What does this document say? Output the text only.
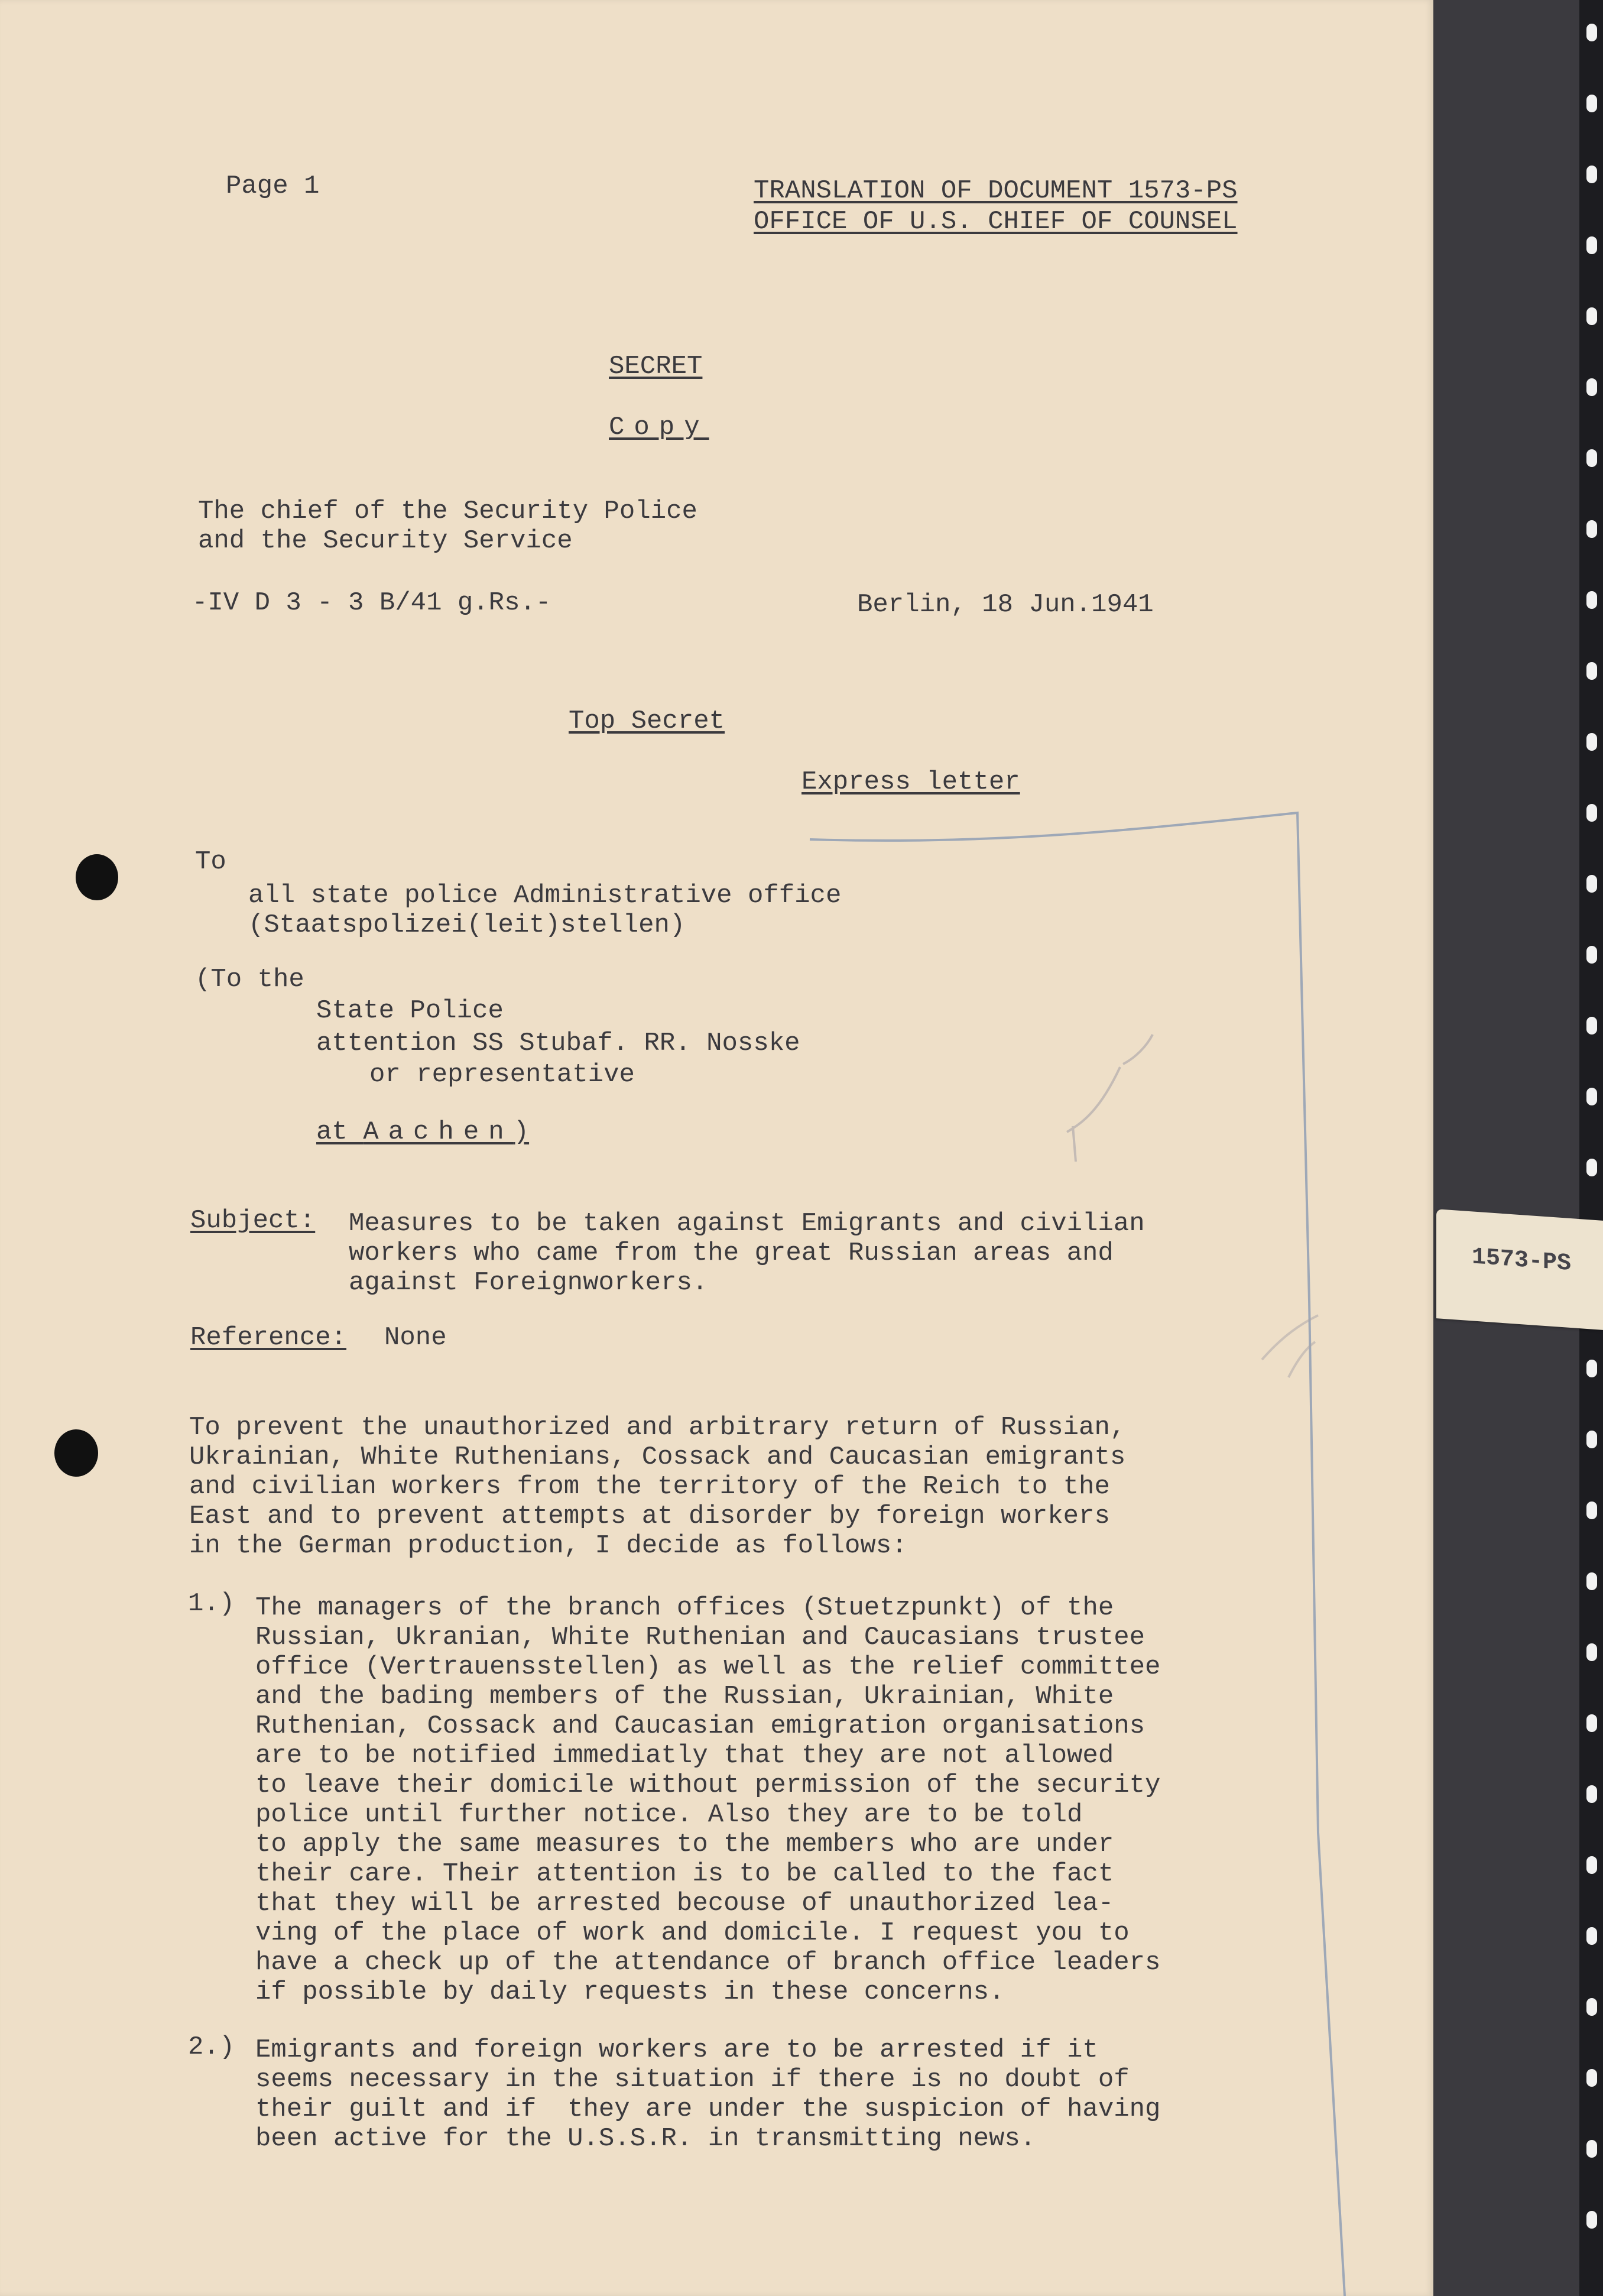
Page 1	TRANSLATION OF DOCUMENT 1573-PS

OFFICE OF U.S. CHIEF OF COUNSEL

SECRET

Copy

The chief of the Security Police

and the Security Service

-IV D 3 - 3 B/41 g.Rs.-	Berlin, 18 Jun.1941

Top Secret

Express letter

To

all state police Administrative office

(Staatspolizei(leit)stellen)

(To the

State Police

attention SS Stubaf. RR. Nosske

or representative

at Aachen)

Subject: Measures to be taken against Emigrants and civilian

workers who came from the great Russian areas and

against Foreignworkers.

Reference: None

To prevent the unauthorized and arbitrary return of Russian,

Ukrainian, White Ruthenians, Cossack and Caucasian emigrants

and civilian workers from the territory of the Reich to the

East and to prevent attempts at disorder by foreign workers

in the German production, I decide as follows:

1.) The managers of the branch offices (Stuetzpunkt) of the

Russian, Ukranian, White Ruthenian and Caucasians trustee

office (Vertrauensstellen) as well as the relief committee

and the bading members of the Russian, Ukrainian, White

Ruthenian, Cossack and Caucasian emigration organisations

are to be notified immediatly that they are not allowed

to leave their domicile without permission of the security

police until further notice. Also they are to be told

to apply the same measures to the members who are under

their care. Their attention is to be called to the fact

that they will be arrested becouse of unauthorized lea-

ving of the place of work and domicile. I request you to

have a check up of the attendance of branch office leaders

if possible by daily requests in these concerns.

2.) Emigrants and foreign workers are to be arrested if it

seems necessary in the situation if there is no doubt of

their guilt and if  they are under the suspicion of having

been active for the U.S.S.R. in transmitting news.

1573-PS
